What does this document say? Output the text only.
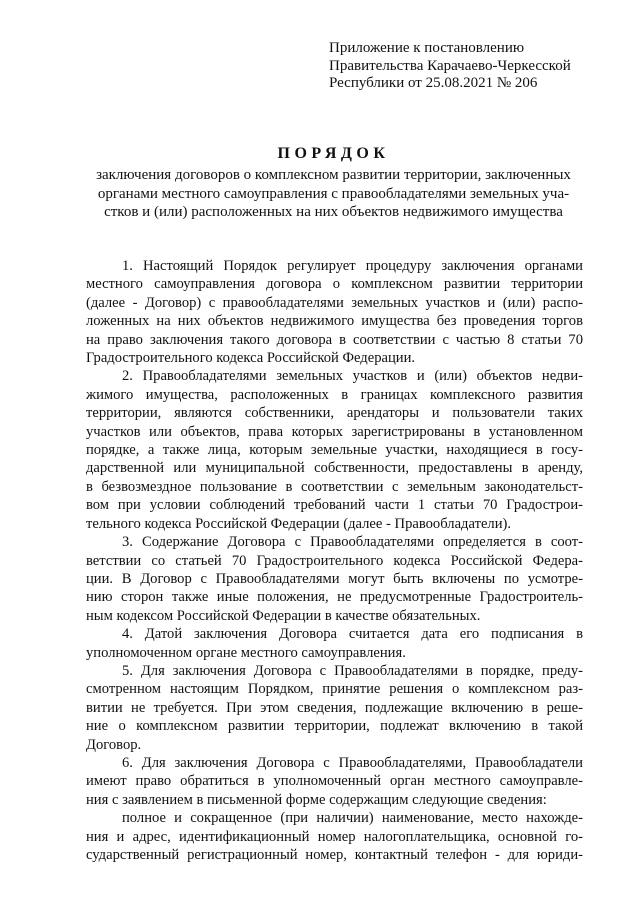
Приложение к постановлению
Правительства Карачаево-Черкесской
Республики от 25.08.2021 № 206

ПОРЯДОК

заключения договоров о комплексном развитии территории, заключенных
органами местного самоуправления с правообладателями земельных уча-
стков и (или) расположенных на них объектов недвижимого имущества
1. Настоящий Порядок регулирует процедуру заключения органами
местного самоуправления договора о комплексном развитии территории
(далее - Договор) с правообладателями земельных участков и (или) распо-
ложенных на них объектов недвижимого имущества без проведения торгов
на право заключения такого договора в соответствии с частью 8 статьи 70
Градостроительного кодекса Российской Федерации.
2. Правообладателями земельных участков и (или) объектов недви-
жимого имущества, расположенных в границах комплексного развития
территории, являются собственники, арендаторы и пользователи таких
участков или объектов, права которых зарегистрированы в установленном
порядке, а также лица, которым земельные участки, находящиеся в госу-
дарственной или муниципальной собственности, предоставлены в аренду,
в безвозмездное пользование в соответствии с земельным законодательст-
вом при условии соблюдений требований части 1 статьи 70 Градострои-
тельного кодекса Российской Федерации (далее - Правообладатели).
3. Содержание Договора с Правообладателями определяется в соот-
ветствии со статьей 70 Градостроительного кодекса Российской Федера-
ции. В Договор с Правообладателями могут быть включены по усмотре-
нию сторон также иные положения, не предусмотренные Градостроитель-
ным кодексом Российской Федерации в качестве обязательных.
4. Датой заключения Договора считается дата его подписания в
уполномоченном органе местного самоуправления.
5. Для заключения Договора с Правообладателями в порядке, преду-
смотренном настоящим Порядком, принятие решения о комплексном раз-
витии не требуется. При этом сведения, подлежащие включению в реше-
ние о комплексном развитии территории, подлежат включению в такой
Договор.
6. Для заключения Договора с Правообладателями, Правообладатели
имеют право обратиться в уполномоченный орган местного самоуправле-
ния с заявлением в письменной форме содержащим следующие сведения:
полное и сокращенное (при наличии) наименование, место нахожде-
ния и адрес, идентификационный номер налогоплательщика, основной го-
сударственный регистрационный номер, контактный телефон - для юриди-
